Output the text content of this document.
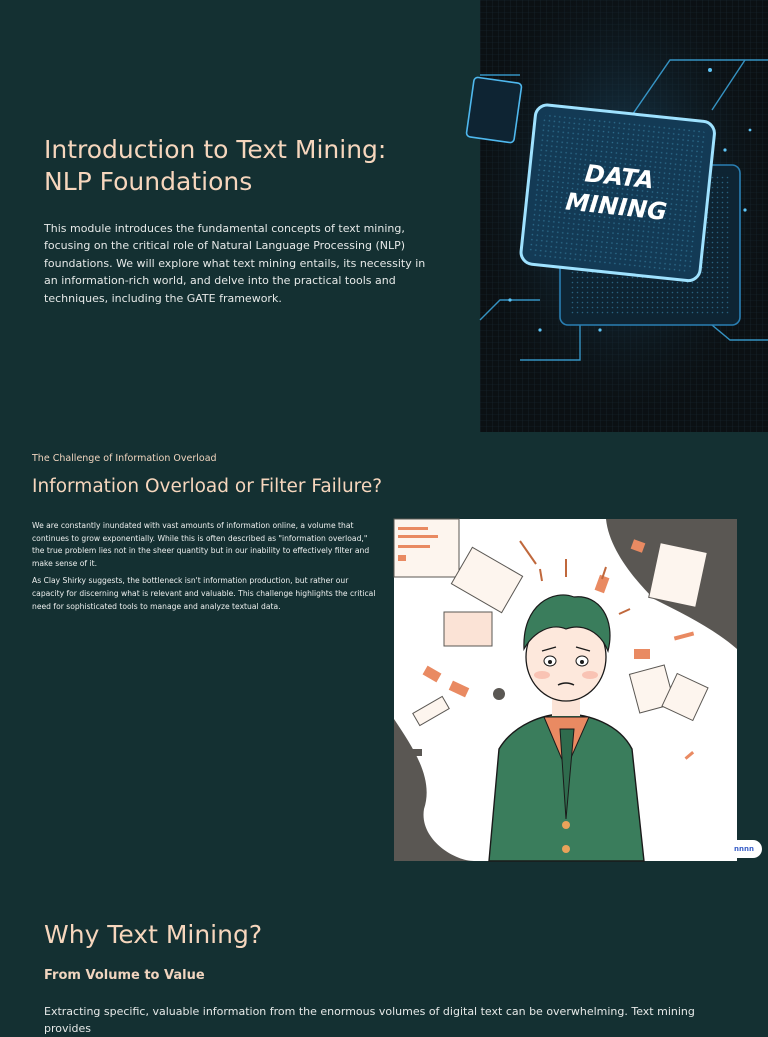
Introduction to Text Mining:
NLP Foundations

This module introduces the fundamental concepts of text mining, focusing on the critical role of Natural Language Processing (NLP) foundations. We will explore what text mining entails, its necessity in an information-rich world, and delve into the practical tools and techniques, including the GATE framework.

DATA
MINING
The Challenge of Information Overload
Information Overload or Filter Failure?

We are constantly inundated with vast amounts of information online, a volume that continues to grow exponentially. While this is often described as "information overload," the true problem lies not in the sheer quantity but in our inability to effectively filter and make sense of it.

As Clay Shirky suggests, the bottleneck isn't information production, but rather our capacity for discerning what is relevant and valuable. This challenge highlights the critical need for sophisticated tools to manage and analyze textual data.

nnnn
Why Text Mining?
From Volume to Value

Extracting specific, valuable information from the enormous volumes of digital text can be overwhelming. Text mining provides
